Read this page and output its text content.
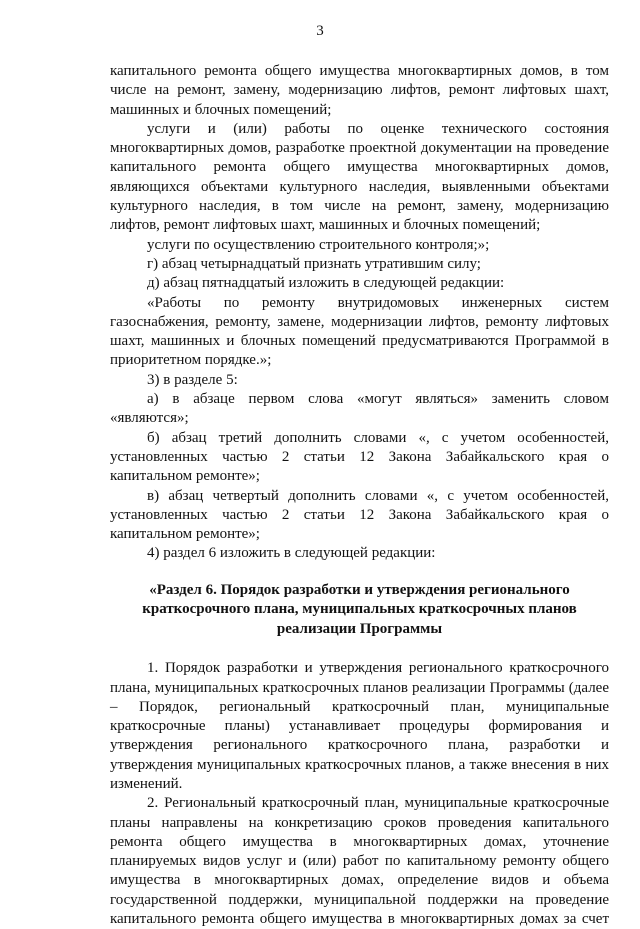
3
капитального ремонта общего имущества многоквартирных домов, в том
числе на ремонт, замену, модернизацию лифтов, ремонт лифтовых шахт,
машинных и блочных помещений;
услуги и (или) работы по оценке технического состояния
многоквартирных домов, разработке проектной документации на проведение
капитального ремонта общего имущества многоквартирных домов,
являющихся объектами культурного наследия, выявленными объектами
культурного наследия, в том числе на ремонт, замену, модернизацию
лифтов, ремонт лифтовых шахт, машинных и блочных помещений;
услуги по осуществлению строительного контроля;»;
г) абзац четырнадцатый признать утратившим силу;
д) абзац пятнадцатый изложить в следующей редакции:
«Работы по ремонту внутридомовых инженерных систем
газоснабжения, ремонту, замене, модернизации лифтов, ремонту лифтовых
шахт, машинных и блочных помещений предусматриваются Программой в
приоритетном порядке.»;
3) в разделе 5:
а) в абзаце первом слова «могут являться» заменить словом
«являются»;
б) абзац третий дополнить словами «, с учетом особенностей,
установленных частью 2 статьи 12 Закона Забайкальского края о
капитальном ремонте»;
в) абзац четвертый дополнить словами «, с учетом особенностей,
установленных частью 2 статьи 12 Закона Забайкальского края о
капитальном ремонте»;
4) раздел 6 изложить в следующей редакции:
«Раздел 6. Порядок разработки и утверждения регионального
краткосрочного плана, муниципальных краткосрочных планов
реализации Программы
1. Порядок разработки и утверждения регионального краткосрочного
плана, муниципальных краткосрочных планов реализации Программы (далее
– Порядок, региональный краткосрочный план, муниципальные
краткосрочные планы) устанавливает процедуры формирования и
утверждения регионального краткосрочного плана, разработки и
утверждения муниципальных краткосрочных планов, а также внесения в них
изменений.
2. Региональный краткосрочный план, муниципальные краткосрочные
планы направлены на конкретизацию сроков проведения капитального
ремонта общего имущества в многоквартирных домах, уточнение
планируемых видов услуг и (или) работ по капитальному ремонту общего
имущества в многоквартирных домах, определение видов и объема
государственной поддержки, муниципальной поддержки на проведение
капитального ремонта общего имущества в многоквартирных домах за счет
